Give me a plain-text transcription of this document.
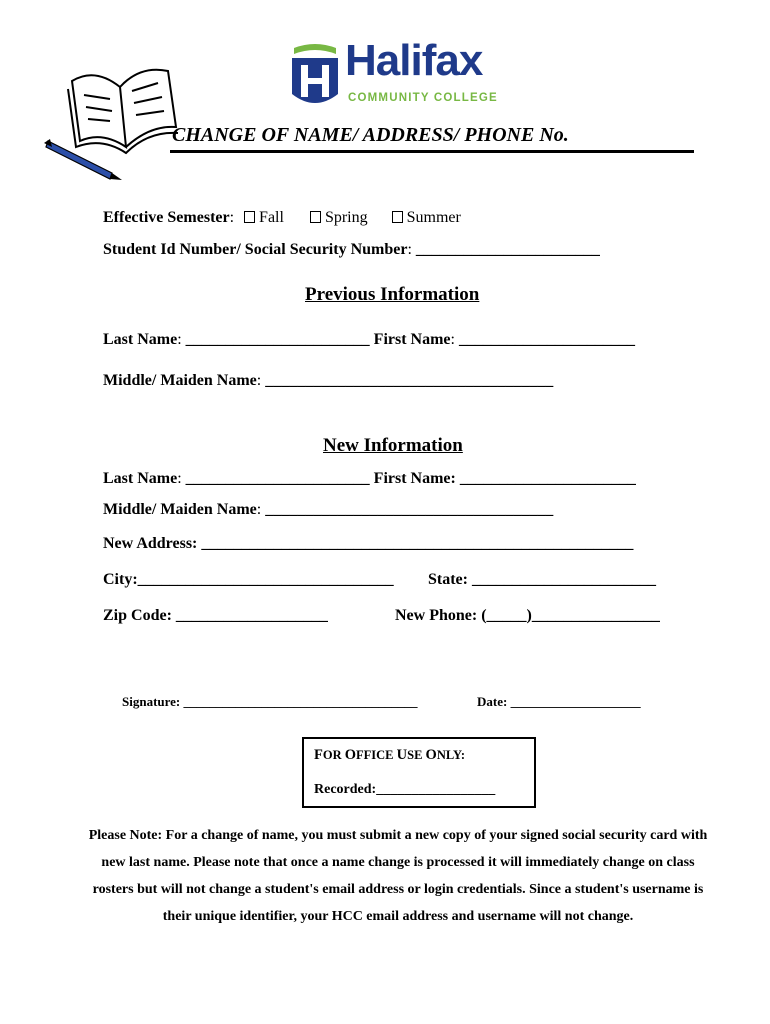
Halifax
COMMUNITY COLLEGE
CHANGE OF NAME/ ADDRESS/ PHONE No.
Effective Semester: Fall	Spring Summer
Student Id Number/ Social Security Number: _______________________
Previous Information
Last Name: _______________________ First Name: ______________________
Middle/ Maiden Name: ____________________________________
New Information
Last Name: _______________________ First Name: ______________________
Middle/ Maiden Name: ____________________________________
New Address: ______________________________________________________
City:________________________________ State: _______________________
Zip Code: ___________________	New Phone: (_____)________________
Signature: ____________________________________	Date: ____________________
FOR OFFICE USE ONLY:
Recorded:_________________
Please Note: For a change of name, you must submit a new copy of your signed social security card with new last name. Please note that once a name change is processed it will immediately change on class rosters but will not change a student's email address or login credentials. Since a student's username is their unique identifier, your HCC email address and username will not change.
